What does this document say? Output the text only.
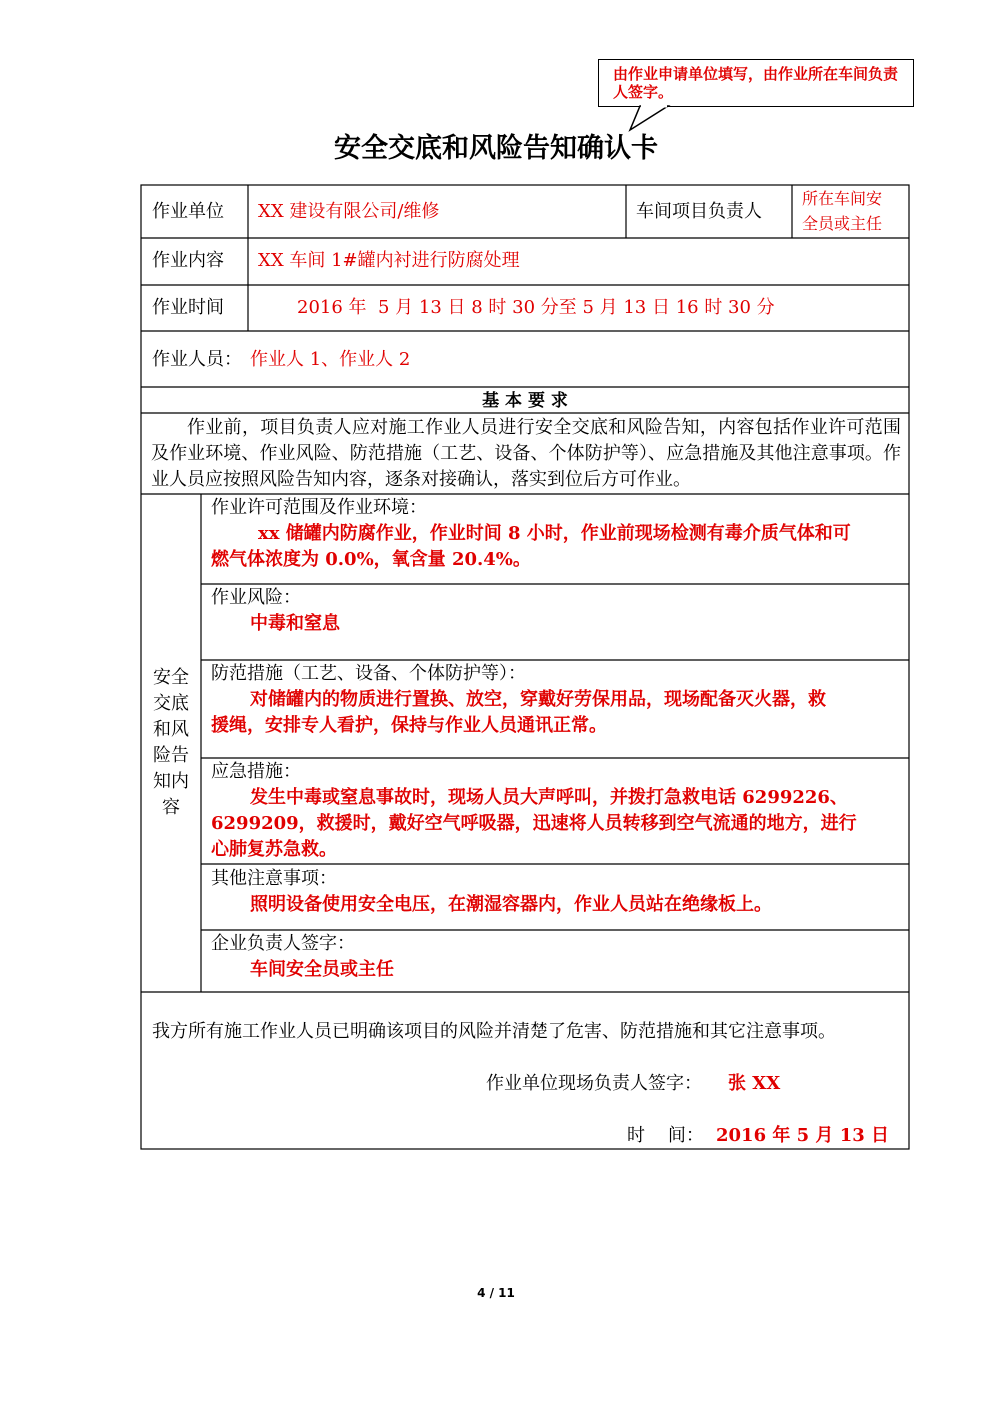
由作业申请单位填写，由作业所在车间负责人签字。
安全交底和风险告知确认卡
作业单位 XX 建设有限公司/维修	车间项目负责人
所在车间安
全员或主任
作业内容 XX 车间 1#罐内衬进行防腐处理
作业时间	2016 年  5 月 13 日 8 时 30 分至 5 月 13 日 16 时 30 分
作业人员： 作业人 1、作业人 2
基 本 要 求
作业前，项目负责人应对施工作业人员进行安全交底和风险告知，内容包括作业许可范围及作业环境、作业风险、防范措施（工艺、设备、个体防护等）、应急措施及其他注意事项。作业人员应按照风险告知内容，逐条对接确认，落实到位后方可作业。
安全
交底
和风
险告
知内
容
作业许可范围及作业环境：
xx 储罐内防腐作业，作业时间 8 小时，作业前现场检测有毒介质气体和可
燃气体浓度为 0.0%，氧含量 20.4%。
作业风险：
中毒和窒息
防范措施（工艺、设备、个体防护等）：
对储罐内的物质进行置换、放空，穿戴好劳保用品，现场配备灭火器，救
援绳，安排专人看护，保持与作业人员通讯正常。
应急措施：
发生中毒或窒息事故时，现场人员大声呼叫，并拨打急救电话 6299226、
6299209，救援时，戴好空气呼吸器，迅速将人员转移到空气流通的地方，进行
心肺复苏急救。
其他注意事项：
照明设备使用安全电压，在潮湿容器内，作业人员站在绝缘板上。
企业负责人签字：
车间安全员或主任
我方所有施工作业人员已明确该项目的风险并清楚了危害、防范措施和其它注意事项。
作业单位现场负责人签字： 张 XX
时    间： 2016 年 5 月 13 日
4 / 11
